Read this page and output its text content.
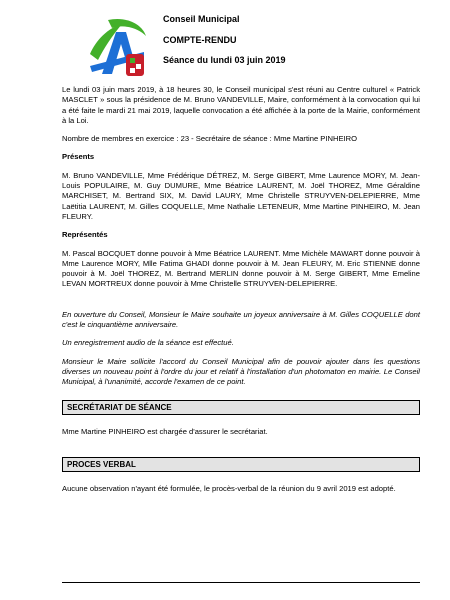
Conseil Municipal

COMPTE-RENDU

Séance du lundi 03 juin 2019

Le lundi 03 juin mars 2019, à 18 heures 30, le Conseil municipal s'est réuni au Centre culturel « Patrick MASCLET » sous la présidence de M. Bruno VANDEVILLE, Maire, conformément à la convocation qui lui a été faite le mardi 21 mai 2019, laquelle convocation a été affichée à la porte de la Mairie, conformément à la Loi.

Nombre de membres en exercice : 23 - Secrétaire de séance : Mme Martine PINHEIRO

Présents

M. Bruno VANDEVILLE, Mme Frédérique DÉTREZ, M. Serge GIBERT, Mme Laurence MORY, M. Jean-Louis POPULAIRE, M. Guy DUMURE, Mme Béatrice LAURENT, M. Joël THOREZ, Mme Géraldine MARCHISET, M. Bertrand SIX, M. David LAURY, Mme Christelle STRUYVEN-DELEPIERRE, Mme Laëtitia LAURENT, M. Gilles COQUELLE, Mme Nathalie LETENEUR, Mme Martine PINHEIRO, M. Jean FLEURY.

Représentés

M. Pascal BOCQUET donne pouvoir à Mme Béatrice LAURENT. Mme Michèle MAWART donne pouvoir à Mme Laurence MORY, Mlle Fatima GHADI donne pouvoir à M. Jean FLEURY, M. Eric STIENNE donne pouvoir à M. Joël THOREZ, M. Bertrand MERLIN donne pouvoir à M. Serge GIBERT, Mme Emeline LEVAN MORTREUX donne pouvoir à Mme Christelle STRUYVEN-DELEPIERRE.

En ouverture du Conseil, Monsieur le Maire souhaite un joyeux anniversaire à M. Gilles COQUELLE dont c'est le cinquantième anniversaire.

Un enregistrement audio de la séance est effectué.

Monsieur le Maire sollicite l'accord du Conseil Municipal afin de pouvoir ajouter dans les questions diverses un nouveau point à l'ordre du jour et relatif à l'installation d'un photomaton en mairie. Le Conseil Municipal, à l'unanimité, accorde l'examen de ce point.

SECRÉTARIAT DE SÉANCE

Mme Martine PINHEIRO est chargée d'assurer le secrétariat.

PROCES VERBAL

Aucune observation n'ayant été formulée, le procès-verbal de la réunion du 9 avril 2019 est adopté.
